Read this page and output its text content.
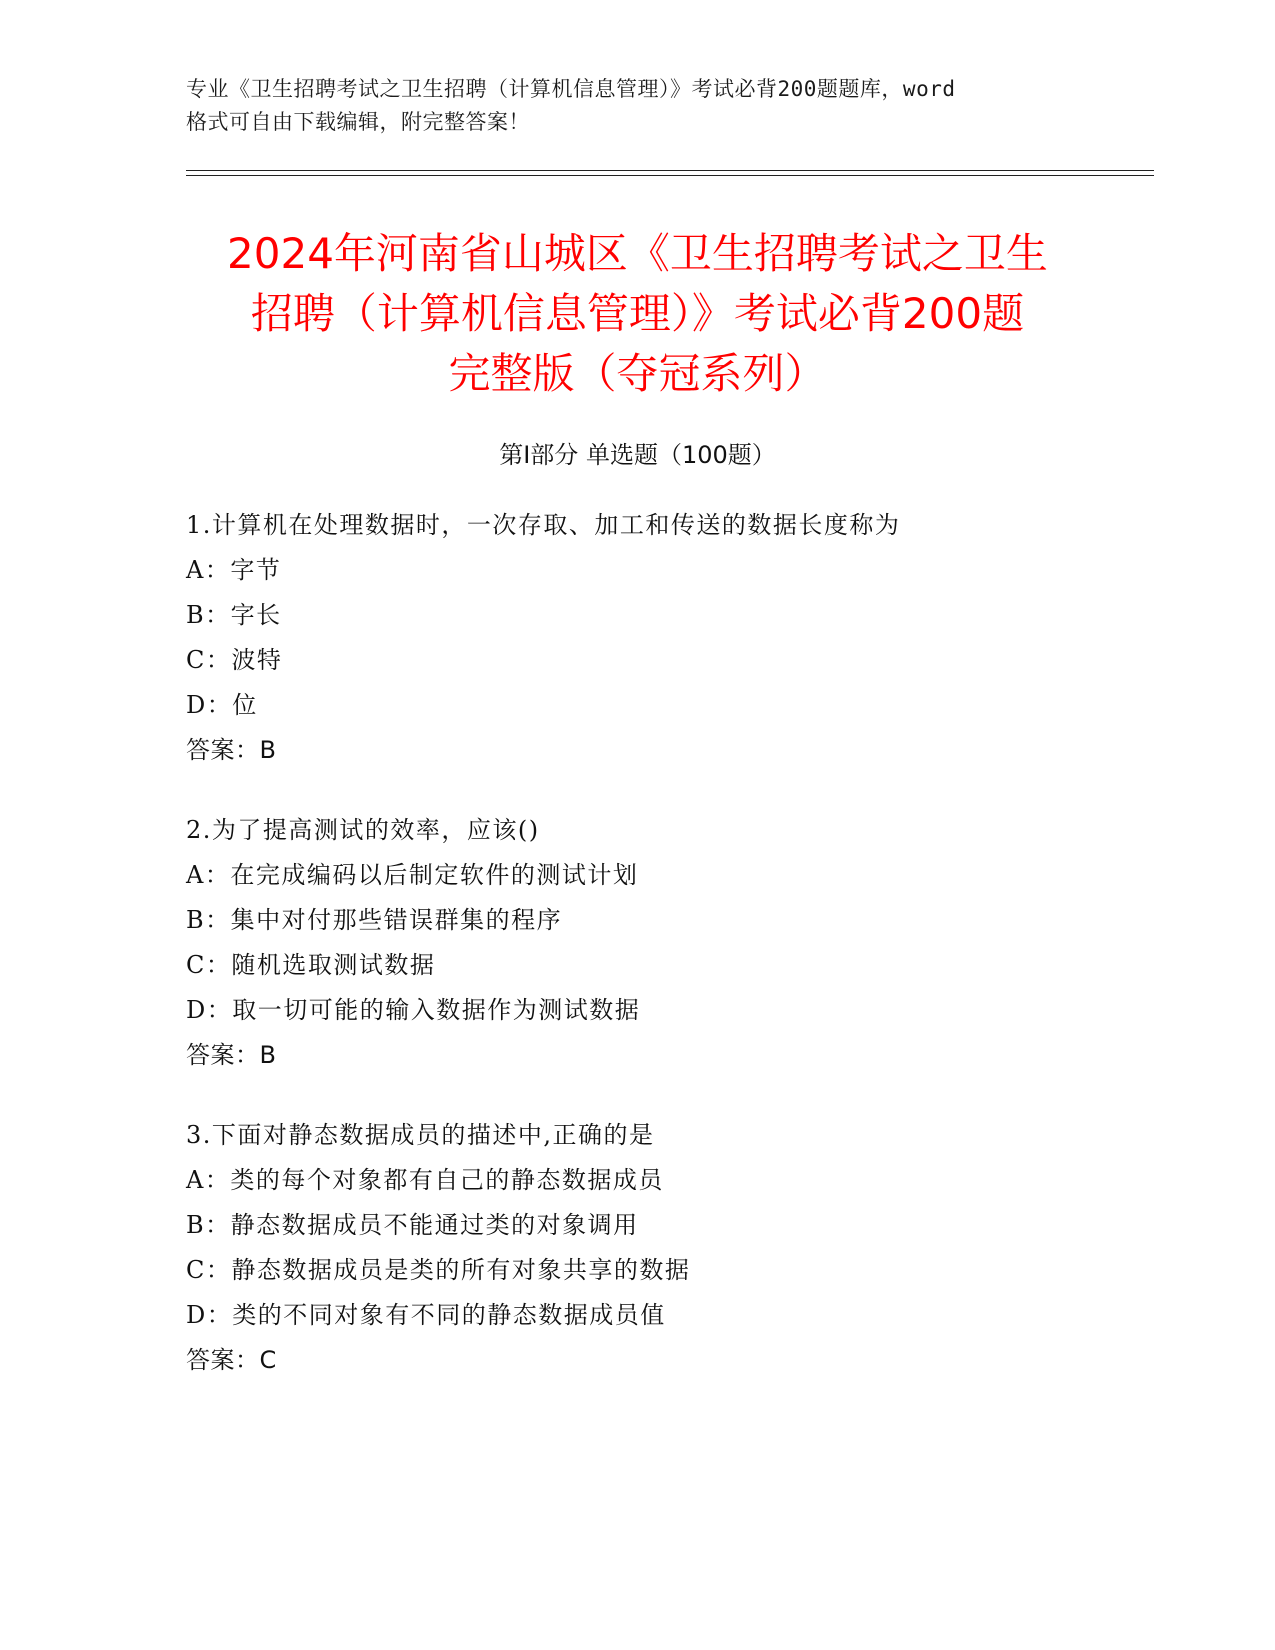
专业《卫生招聘考试之卫生招聘（计算机信息管理）》考试必背200题题库，word
格式可自由下载编辑，附完整答案！
2024年河南省山城区《卫生招聘考试之卫生
招聘（计算机信息管理）》考试必背200题
完整版（夺冠系列）
第Ⅰ部分 单选题（100题）
1.计算机在处理数据时，一次存取、加工和传送的数据长度称为
A：字节
B：字长
C：波特
D：位
答案：B
2.为了提高测试的效率，应该()
A：在完成编码以后制定软件的测试计划
B：集中对付那些错误群集的程序
C：随机选取测试数据
D：取一切可能的输入数据作为测试数据
答案：B
3.下面对静态数据成员的描述中,正确的是
A：类的每个对象都有自己的静态数据成员
B：静态数据成员不能通过类的对象调用
C：静态数据成员是类的所有对象共享的数据
D：类的不同对象有不同的静态数据成员值
答案：C
